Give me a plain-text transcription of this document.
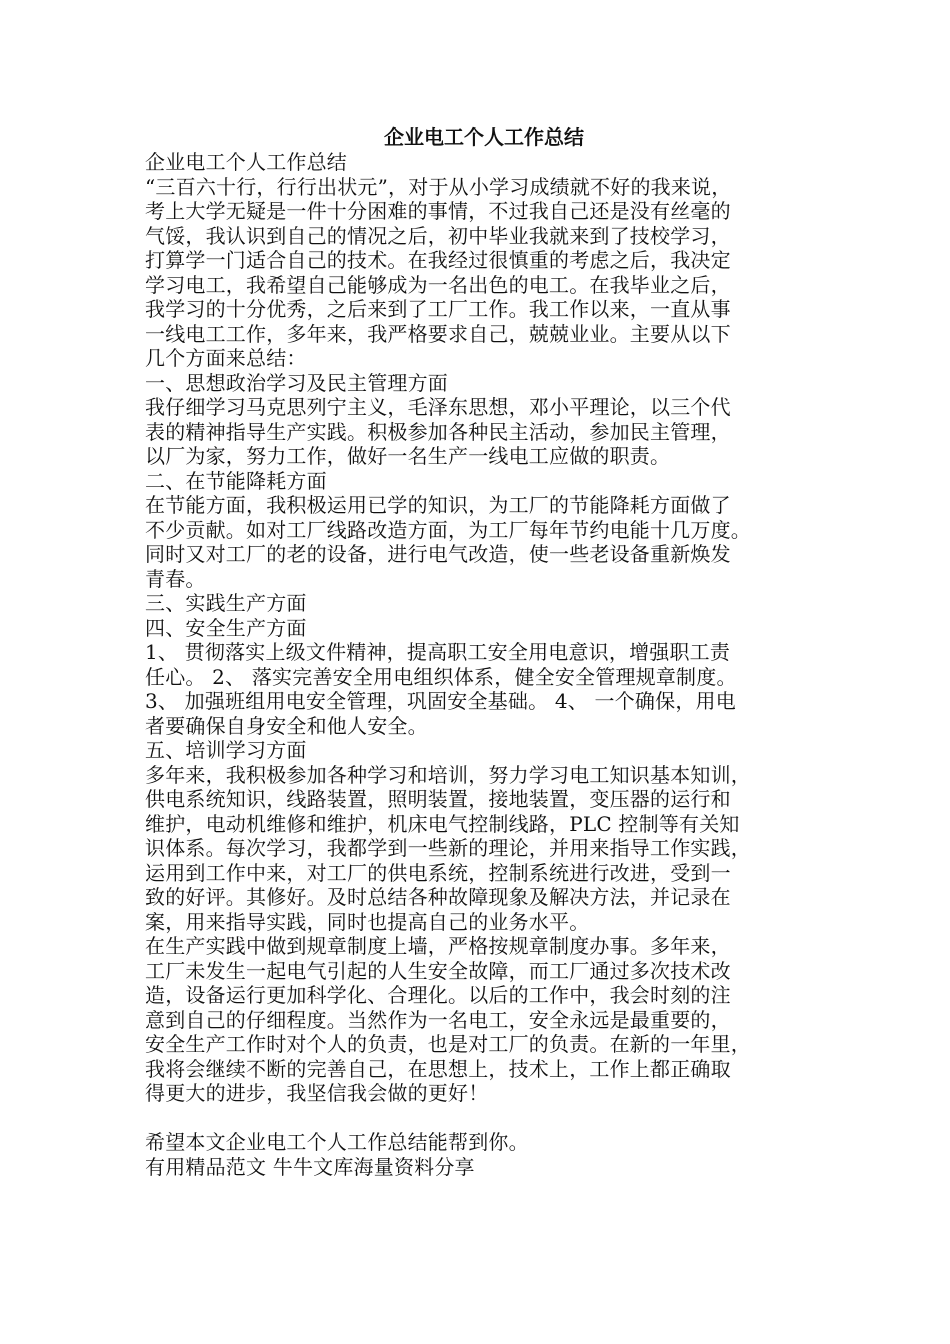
企业电工个人工作总结
企业电工个人工作总结
“三百六十行，行行出状元”，对于从小学习成绩就不好的我来说，
考上大学无疑是一件十分困难的事情，不过我自己还是没有丝毫的
气馁，我认识到自己的情况之后，初中毕业我就来到了技校学习，
打算学一门适合自己的技术。在我经过很慎重的考虑之后，我决定
学习电工，我希望自己能够成为一名出色的电工。在我毕业之后，
我学习的十分优秀，之后来到了工厂工作。我工作以来，一直从事
一线电工工作，多年来，我严格要求自己，兢兢业业。主要从以下
几个方面来总结：
一、思想政治学习及民主管理方面
我仔细学习马克思列宁主义，毛泽东思想，邓小平理论，以三个代
表的精神指导生产实践。积极参加各种民主活动，参加民主管理，
以厂为家，努力工作，做好一名生产一线电工应做的职责。
二、在节能降耗方面
在节能方面，我积极运用已学的知识，为工厂的节能降耗方面做了
不少贡献。如对工厂线路改造方面，为工厂每年节约电能十几万度。
同时又对工厂的老的设备，进行电气改造，使一些老设备重新焕发
青春。
三、实践生产方面
四、安全生产方面
1、 贯彻落实上级文件精神，提高职工安全用电意识，增强职工责
任心。 2、 落实完善安全用电组织体系，健全安全管理规章制度。
3、 加强班组用电安全管理，巩固安全基础。 4、 一个确保，用电
者要确保自身安全和他人安全。
五、培训学习方面
多年来，我积极参加各种学习和培训，努力学习电工知识基本知训，
供电系统知识，线路装置，照明装置，接地装置，变压器的运行和
维护，电动机维修和维护，机床电气控制线路，PLC 控制等有关知
识体系。每次学习，我都学到一些新的理论，并用来指导工作实践，
运用到工作中来，对工厂的供电系统，控制系统进行改进，受到一
致的好评。其修好。及时总结各种故障现象及解决方法，并记录在
案，用来指导实践，同时也提高自己的业务水平。
在生产实践中做到规章制度上墙，严格按规章制度办事。多年来，
工厂未发生一起电气引起的人生安全故障，而工厂通过多次技术改
造，设备运行更加科学化、合理化。以后的工作中，我会时刻的注
意到自己的仔细程度。当然作为一名电工，安全永远是最重要的，
安全生产工作时对个人的负责，也是对工厂的负责。在新的一年里，
我将会继续不断的完善自己，在思想上，技术上，工作上都正确取
得更大的进步，我坚信我会做的更好！
希望本文企业电工个人工作总结能帮到你。
有用精品范文 牛牛文库海量资料分享
